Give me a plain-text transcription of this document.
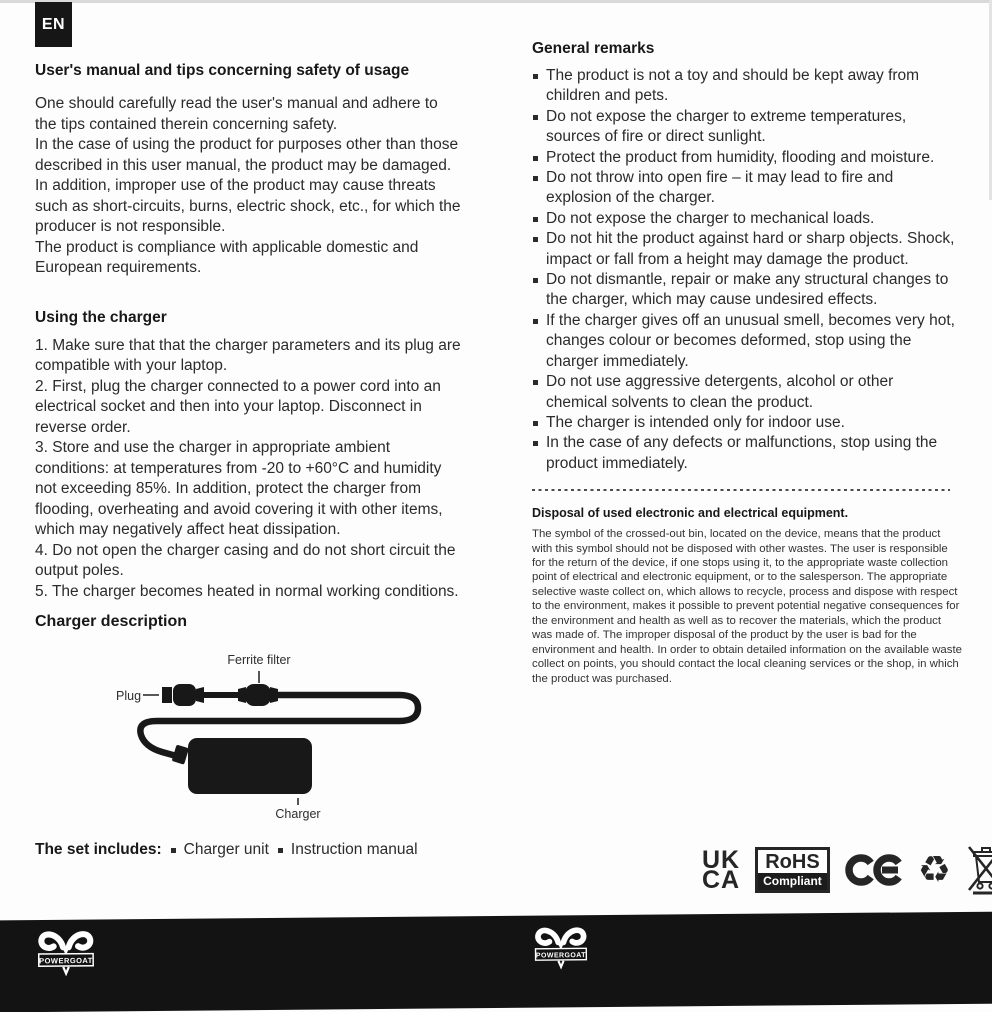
EN
User's manual and tips concerning safety of usage

One should carefully read the user's manual and adhere to the tips contained therein concerning safety.

In the case of using the product for purposes other than those described in this user manual, the product may be damaged. In addition, improper use of the product may cause threats such as short-circuits, burns, electric shock, etc., for which the producer is not responsible.

The product is compliance with applicable domestic and European requirements.

Using the charger

1. Make sure that that the charger parameters and its plug are compatible with your laptop.

2. First, plug the charger connected to a power cord into an electrical socket and then into your laptop. Disconnect in reverse order.

3. Store and use the charger in appropriate ambient conditions: at temperatures from -20 to +60°C and humidity not exceeding 85%. In addition, protect the charger from flooding, overheating and avoid covering it with other items, which may negatively affect heat dissipation.

4. Do not open the charger casing and do not short circuit the output poles.

5. The charger becomes heated in normal working conditions.

Charger description
Ferrite filter
Plug
Charger
The set includes: Charger unit Instruction manual
General remarks
The product is not a toy and should be kept away from children and pets.
Do not expose the charger to extreme temperatures, sources of fire or direct sunlight.
Protect the product from humidity, flooding and moisture.
Do not throw into open fire – it may lead to fire and explosion of the charger.
Do not expose the charger to mechanical loads.
Do not hit the product against hard or sharp objects. Shock, impact or fall from a height may damage the product.
Do not dismantle, repair or make any structural changes to the charger, which may cause undesired effects.
If the charger gives off an unusual smell, becomes very hot, changes colour or becomes deformed, stop using the charger immediately.
Do not use aggressive detergents, alcohol or other chemical solvents to clean the product.
The charger is intended only for indoor use.
In the case of any defects or malfunctions, stop using the product immediately.
Disposal of used electronic and electrical equipment.
The symbol of the crossed-out bin, located on the device, means that the product with this symbol should not be disposed with other wastes. The user is responsible for the return of the device, if one stops using it, to the appropriate waste collection point of electrical and electronic equipment, or to the salesperson. The appropriate selective waste collect on, which allows to recycle, process and dispose with respect to the environment, makes it possible to prevent potential negative consequences for the environment and health as well as to recover the materials, which the product was made of. The improper disposal of the product by the user is bad for the environment and health. In order to obtain detailed information on the available waste collect on points, you should contact the local cleaning services or the shop, in which the product was purchased.
UK
CA
RoHS
Compliant	♻
POWERGOAT
POWERGOAT
